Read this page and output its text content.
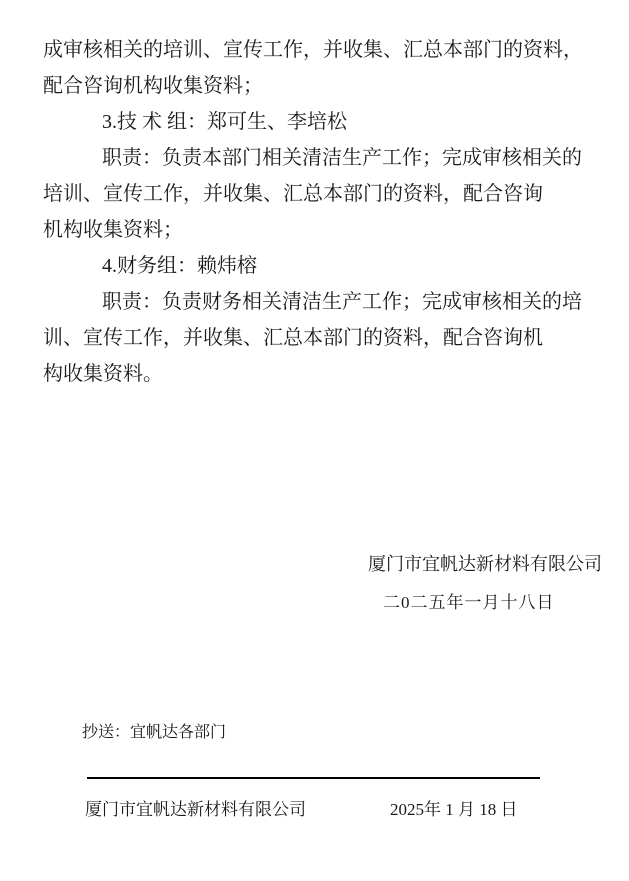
成审核相关的培训、宣传工作，并收集、汇总本部门的资料，
配合咨询机构收集资料；
3.技 术 组：郑可生、李培松
职责：负责本部门相关清洁生产工作；完成审核相关的
培训、宣传工作，并收集、汇总本部门的资料，配合咨询
机构收集资料；
4.财务组：赖炜榕
职责：负责财务相关清洁生产工作；完成审核相关的培
训、宣传工作，并收集、汇总本部门的资料，配合咨询机
构收集资料。
厦门市宜帆达新材料有限公司
二0二五年一月十八日
抄送：宜帆达各部门
厦门市宜帆达新材料有限公司	2025年 1 月 18 日
